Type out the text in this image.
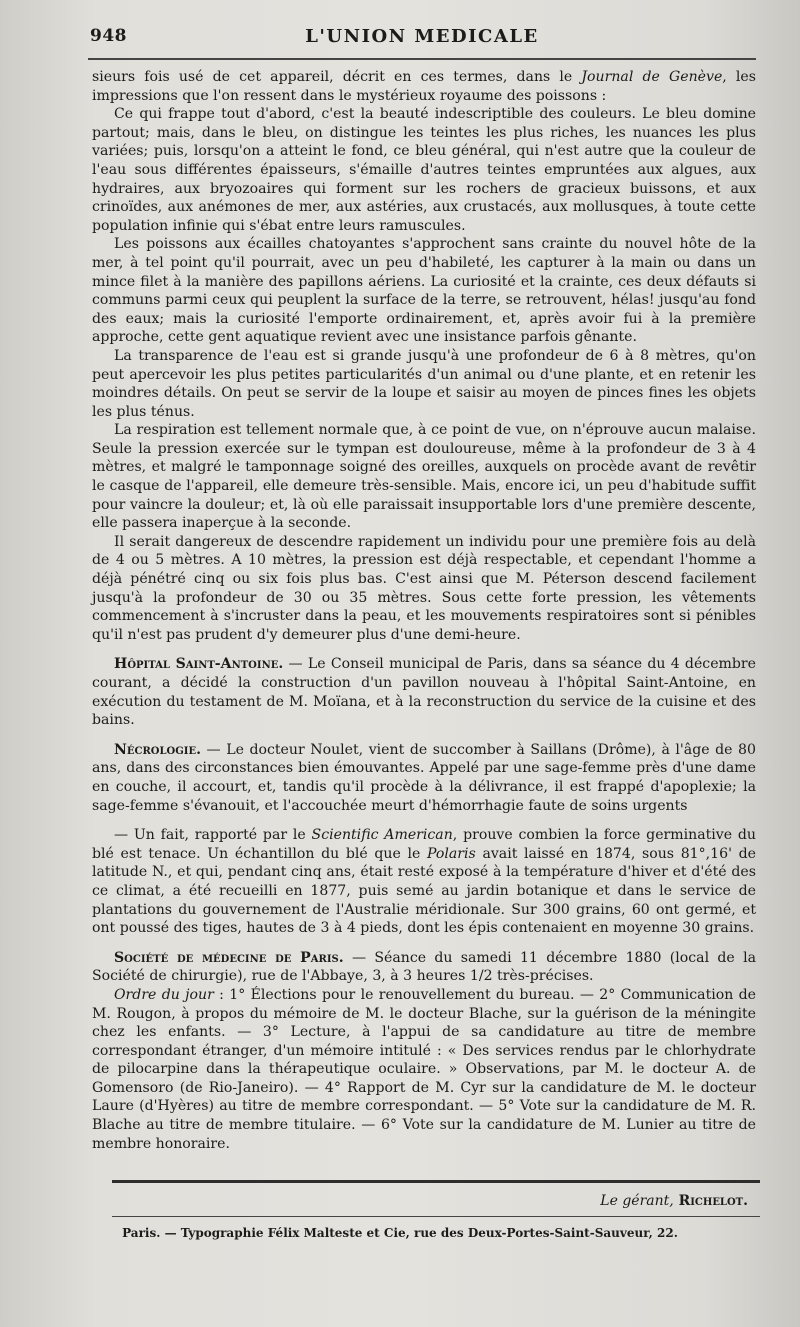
948	L'UNION MEDICALE

sieurs fois usé de cet appareil, décrit en ces termes, dans le Journal de Genève, les impressions que l'on ressent dans le mystérieux royaume des poissons :

Ce qui frappe tout d'abord, c'est la beauté indescriptible des couleurs. Le bleu domine partout; mais, dans le bleu, on distingue les teintes les plus riches, les nuances les plus variées; puis, lorsqu'on a atteint le fond, ce bleu général, qui n'est autre que la couleur de l'eau sous différentes épaisseurs, s'émaille d'autres teintes empruntées aux algues, aux hydraires, aux bryozoaires qui forment sur les rochers de gracieux buissons, et aux crinoïdes, aux anémones de mer, aux astéries, aux crustacés, aux mollusques, à toute cette population infinie qui s'ébat entre leurs ramuscules.

Les poissons aux écailles chatoyantes s'approchent sans crainte du nouvel hôte de la mer, à tel point qu'il pourrait, avec un peu d'habileté, les capturer à la main ou dans un mince filet à la manière des papillons aériens. La curiosité et la crainte, ces deux défauts si communs parmi ceux qui peuplent la surface de la terre, se retrouvent, hélas! jusqu'au fond des eaux; mais la curiosité l'emporte ordinairement, et, après avoir fui à la première approche, cette gent aquatique revient avec une insistance parfois gênante.

La transparence de l'eau est si grande jusqu'à une profondeur de 6 à 8 mètres, qu'on peut apercevoir les plus petites particularités d'un animal ou d'une plante, et en retenir les moindres détails. On peut se servir de la loupe et saisir au moyen de pinces fines les objets les plus ténus.

La respiration est tellement normale que, à ce point de vue, on n'éprouve aucun malaise. Seule la pression exercée sur le tympan est douloureuse, même à la profondeur de 3 à 4 mètres, et malgré le tamponnage soigné des oreilles, auxquels on procède avant de revêtir le casque de l'appareil, elle demeure très-sensible. Mais, encore ici, un peu d'habitude suffit pour vaincre la douleur; et, là où elle paraissait insupportable lors d'une première descente, elle passera inaperçue à la seconde.

Il serait dangereux de descendre rapidement un individu pour une première fois au delà de 4 ou 5 mètres. A 10 mètres, la pression est déjà respectable, et cependant l'homme a déjà pénétré cinq ou six fois plus bas. C'est ainsi que M. Péterson descend facilement jusqu'à la profondeur de 30 ou 35 mètres. Sous cette forte pression, les vêtements commencement à s'incruster dans la peau, et les mouvements respiratoires sont si pénibles qu'il n'est pas prudent d'y demeurer plus d'une demi-heure.

Hôpital Saint-Antoine. — Le Conseil municipal de Paris, dans sa séance du 4 décembre courant, a décidé la construction d'un pavillon nouveau à l'hôpital Saint-Antoine, en exécution du testament de M. Moïana, et à la reconstruction du service de la cuisine et des bains.

Nécrologie. — Le docteur Noulet, vient de succomber à Saillans (Drôme), à l'âge de 80 ans, dans des circonstances bien émouvantes. Appelé par une sage-femme près d'une dame en couche, il accourt, et, tandis qu'il procède à la délivrance, il est frappé d'apoplexie; la sage-femme s'évanouit, et l'accouchée meurt d'hémorrhagie faute de soins urgents

— Un fait, rapporté par le Scientific American, prouve combien la force germinative du blé est tenace. Un échantillon du blé que le Polaris avait laissé en 1874, sous 81°,16' de latitude N., et qui, pendant cinq ans, était resté exposé à la température d'hiver et d'été des ce climat, a été recueilli en 1877, puis semé au jardin botanique et dans le service de plantations du gouvernement de l'Australie méridionale. Sur 300 grains, 60 ont germé, et ont poussé des tiges, hautes de 3 à 4 pieds, dont les épis contenaient en moyenne 30 grains.

Société de médecine de Paris. — Séance du samedi 11 décembre 1880 (local de la Société de chirurgie), rue de l'Abbaye, 3, à 3 heures 1/2 très-précises.

Ordre du jour : 1° Élections pour le renouvellement du bureau. — 2° Communication de M. Rougon, à propos du mémoire de M. le docteur Blache, sur la guérison de la méningite chez les enfants. — 3° Lecture, à l'appui de sa candidature au titre de membre correspondant étranger, d'un mémoire intitulé : « Des services rendus par le chlorhydrate de pilocarpine dans la thérapeutique oculaire. » Observations, par M. le docteur A. de Gomensoro (de Rio-Janeiro). — 4° Rapport de M. Cyr sur la candidature de M. le docteur Laure (d'Hyères) au titre de membre correspondant. — 5° Vote sur la candidature de M. R. Blache au titre de membre titulaire. — 6° Vote sur la candidature de M. Lunier au titre de membre honoraire.

Le gérant, Richelot.
Paris. — Typographie Félix Malteste et Cie, rue des Deux-Portes-Saint-Sauveur, 22.
